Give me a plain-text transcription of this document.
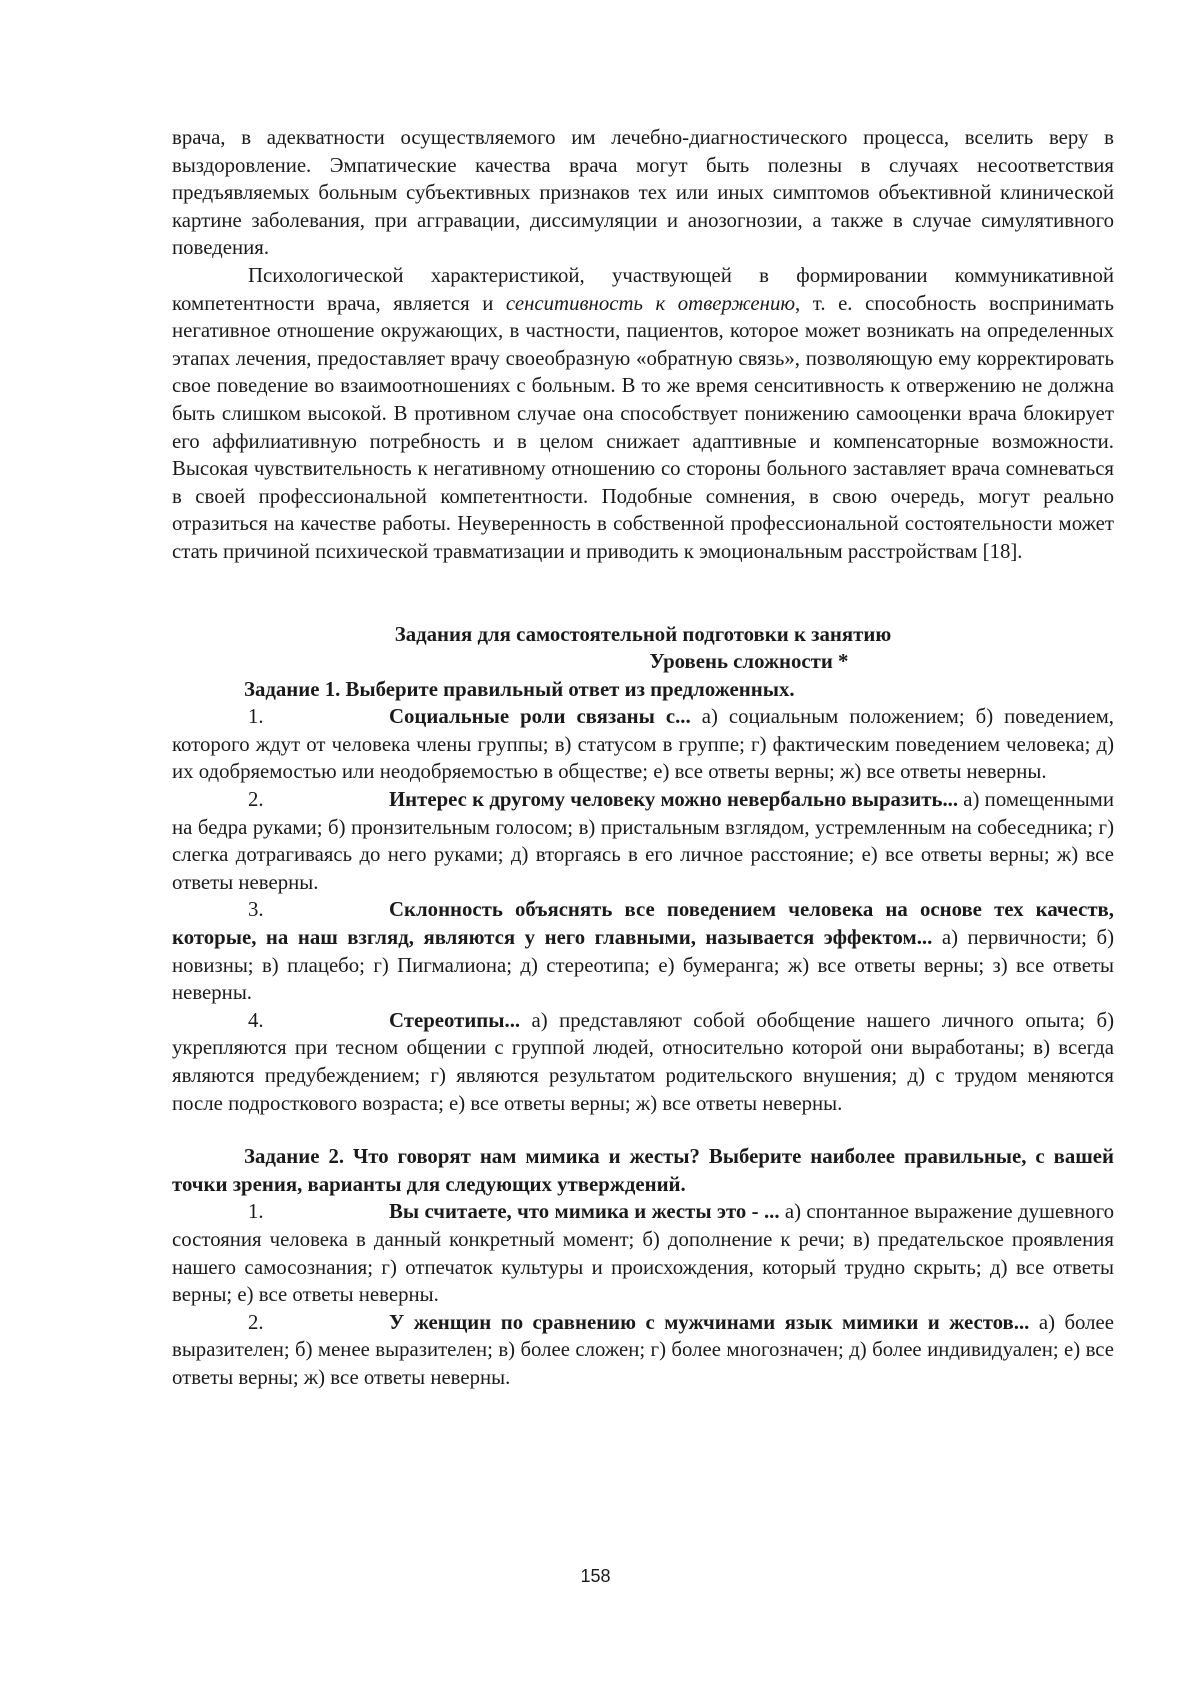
врача, в адекватности осуществляемого им лечебно-диагностического процесса, вселить веру в выздоровление. Эмпатические качества врача могут быть полезны в случаях несоответствия предъявляемых больным субъективных признаков тех или иных симптомов объективной клинической картине заболевания, при аггравации, диссимуляции и анозогнозии, а также в случае симулятивного поведения.

Психологической характеристикой, участвующей в формировании коммуникативной компетентности врача, является и сенситивность к отвержению, т. е. способность воспринимать негативное отношение окружающих, в частности, пациентов, которое может возникать на определенных этапах лечения, предоставляет врачу своеобразную «обратную связь», позволяющую ему корректировать свое поведение во взаимоотношениях с больным. В то же время сенситивность к отвержению не должна быть слишком высокой. В противном случае она способствует понижению самооценки врача блокирует его аффилиативную потребность и в целом снижает адаптивные и компенсаторные возможности. Высокая чувствительность к негативному отношению со стороны больного заставляет врача сомневаться в своей профессиональной компетентности. Подобные сомнения, в свою очередь, могут реально отразиться на качестве работы. Неуверенность в собственной профессиональной состоятельности может стать причиной психической травматизации и приводить к эмоциональным расстройствам [18].

Задания для самостоятельной подготовки к занятию

Уровень сложности *

Задание 1. Выберите правильный ответ из предложенных.

1.	Социальные роли связаны с... а) социальным положением; б) поведением, которого ждут от человека члены группы; в) статусом в группе; г) фактическим поведением человека; д) их одобряемостью или неодобряемостью в обществе; е) все ответы верны; ж) все ответы неверны.

2.	Интерес к другому человеку можно невербально выразить... а) помещенными на бедра руками; б) пронзительным голосом; в) пристальным взглядом, устремленным на собеседника; г) слегка дотрагиваясь до него руками; д) вторгаясь в его личное расстояние; е) все ответы верны; ж) все ответы неверны.

3.	Склонность объяснять все поведением человека на основе тех качеств, которые, на наш взгляд, являются у него главными, называется эффектом... а) первичности; б) новизны; в) плацебо; г) Пигмалиона; д) стереотипа; е) бумеранга; ж) все ответы верны; з) все ответы неверны.

4.	Стереотипы... а) представляют собой обобщение нашего личного опыта; б) укрепляются при тесном общении с группой людей, относительно которой они выработаны; в) всегда являются предубеждением; г) являются результатом родительского внушения; д) с трудом меняются после подросткового возраста; е) все ответы верны; ж) все ответы неверны.

Задание 2. Что говорят нам мимика и жесты? Выберите наиболее правильные, с вашей точки зрения, варианты для следующих утверждений.

1.	Вы считаете, что мимика и жесты это - ... а) спонтанное выражение душевного состояния человека в данный конкретный момент; б) дополнение к речи; в) предательское проявления нашего самосознания; г) отпечаток культуры и происхождения, который трудно скрыть; д) все ответы верны; е) все ответы неверны.

2.	У женщин по сравнению с мужчинами язык мимики и жестов... а) более выразителен; б) менее выразителен; в) более сложен; г) более многозначен; д) более индивидуален; е) все ответы верны; ж) все ответы неверны.

158
